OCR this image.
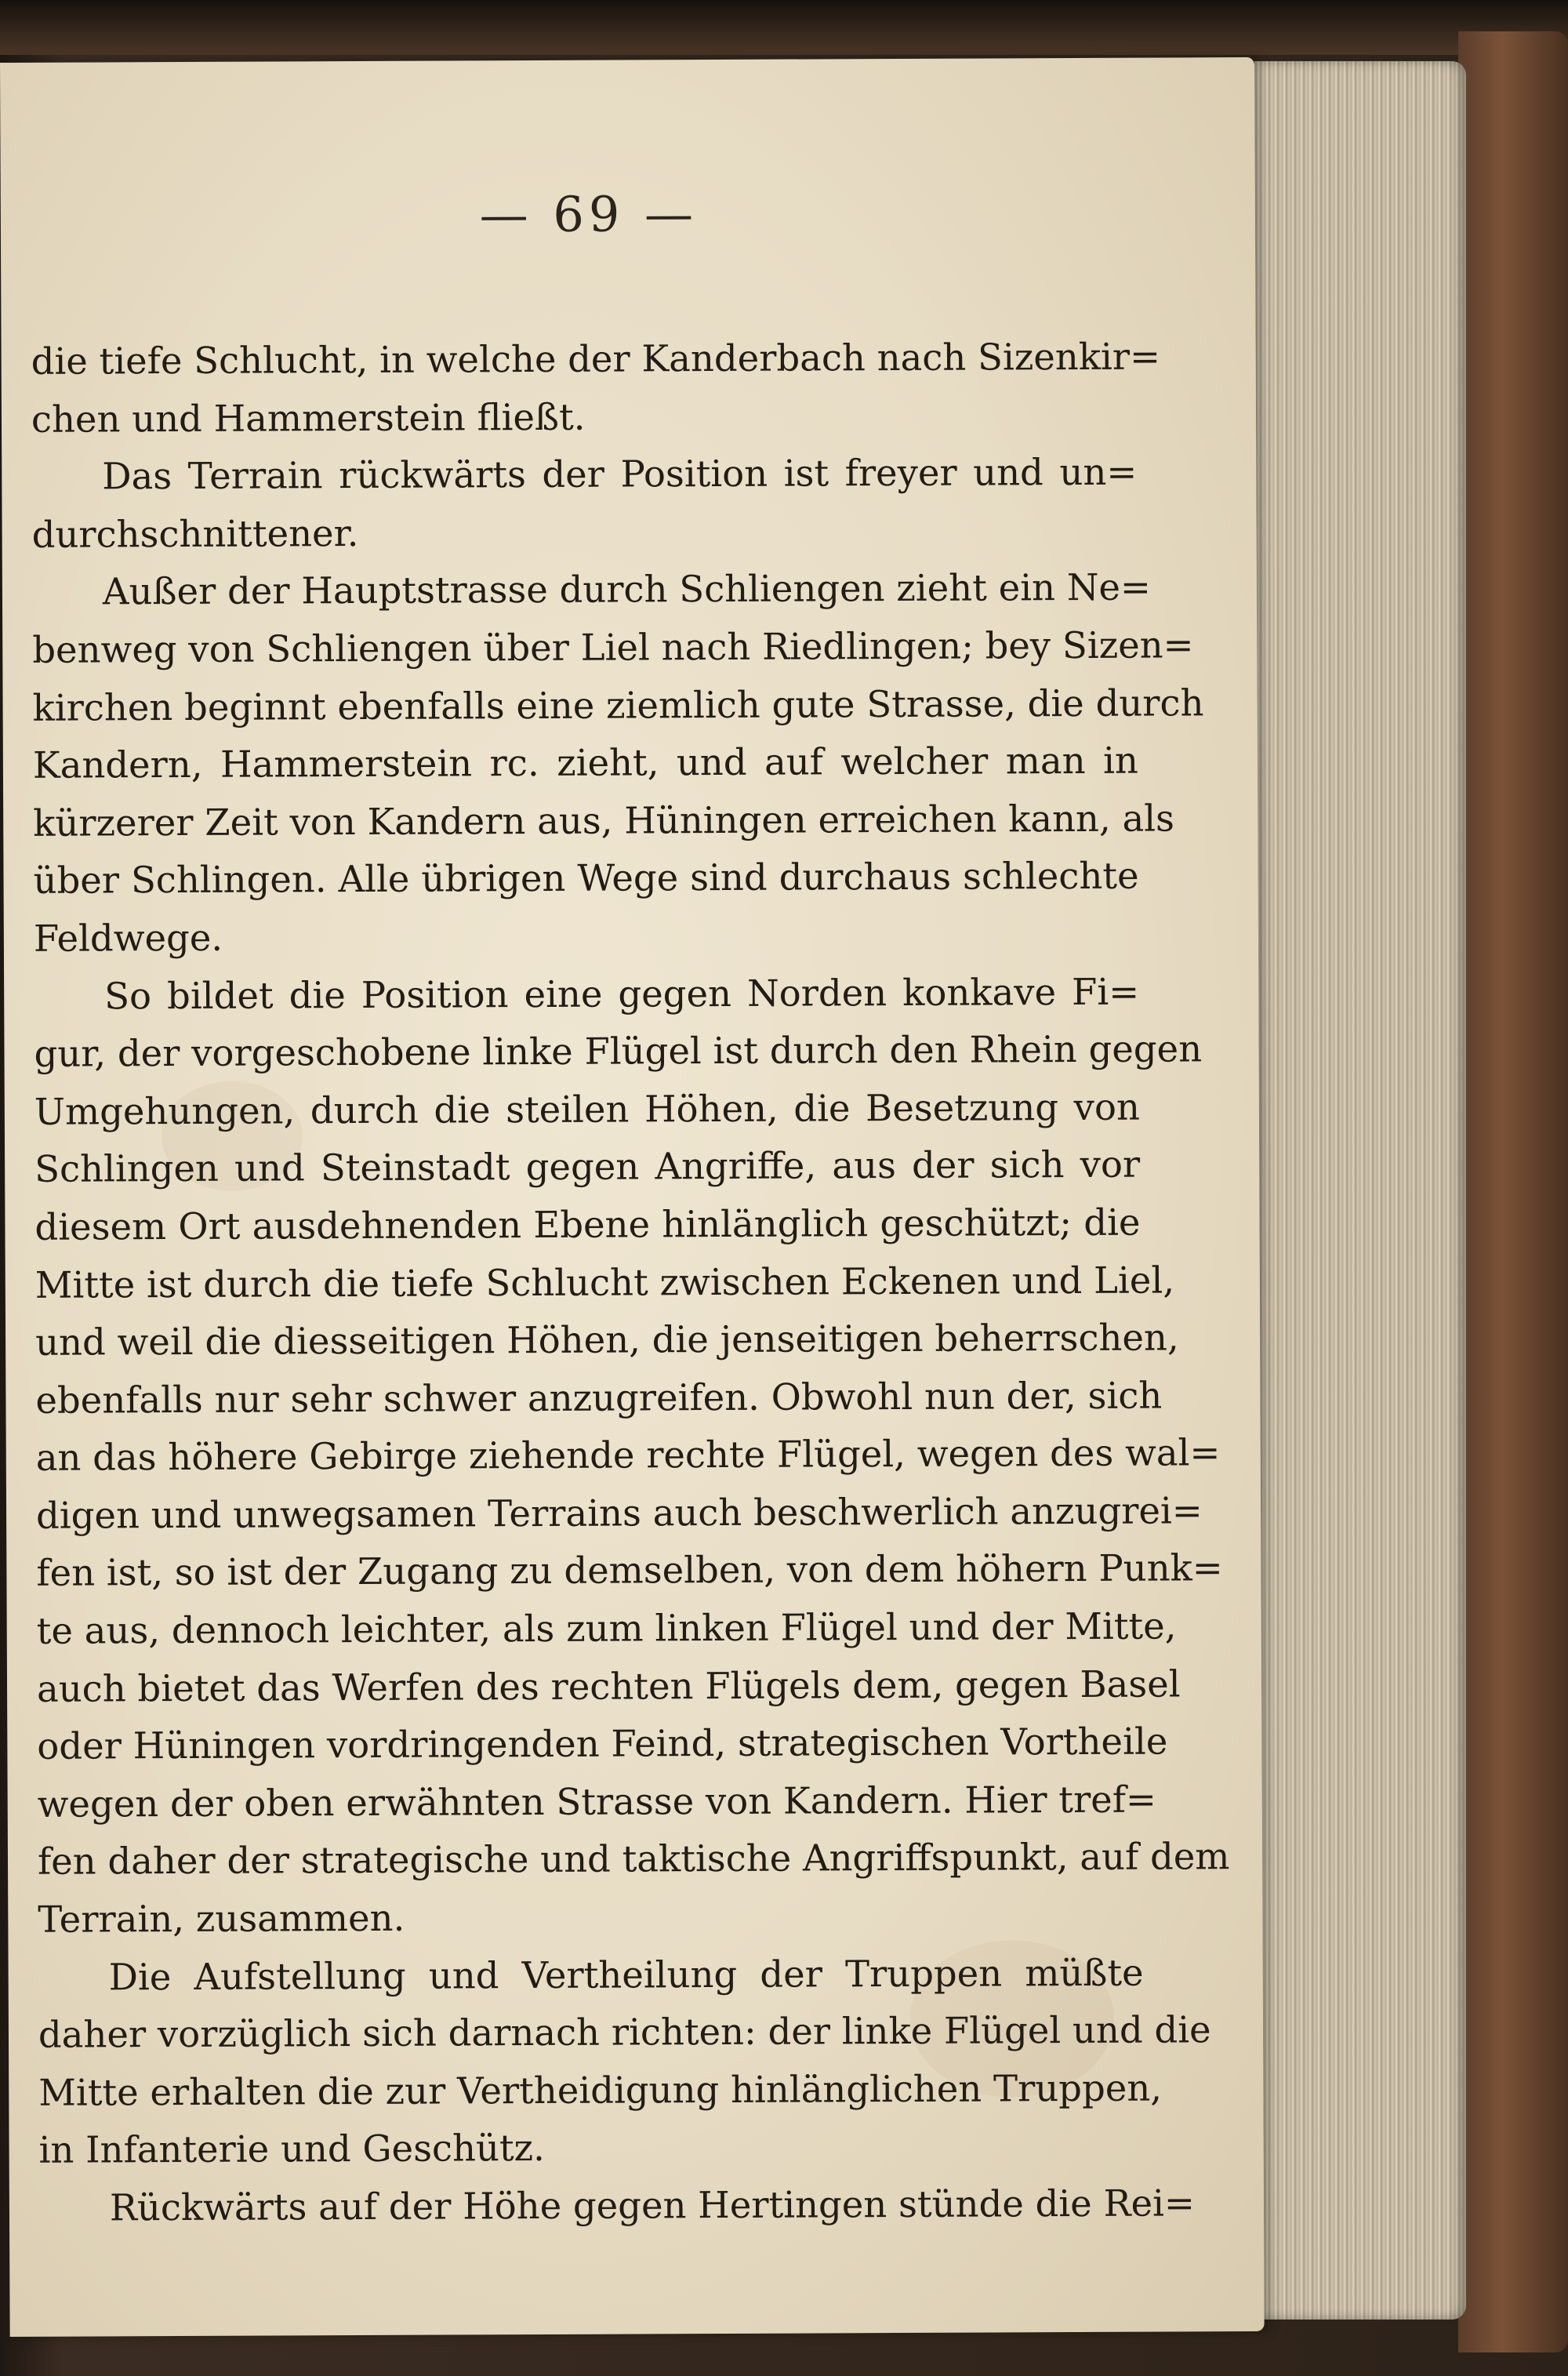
— 69 —
die tiefe Schlucht, in welche der Kanderbach nach Sizenkir=
chen und Hammerstein fließt.
Das Terrain rückwärts der Position ist freyer und un=
durchschnittener.
Außer der Hauptstrasse durch Schliengen zieht ein Ne=
benweg von Schliengen über Liel nach Riedlingen; bey Sizen=
kirchen beginnt ebenfalls eine ziemlich gute Strasse, die durch
Kandern, Hammerstein rc. zieht, und auf welcher man in
kürzerer Zeit von Kandern aus, Hüningen erreichen kann, als
über Schlingen. Alle übrigen Wege sind durchaus schlechte
Feldwege.
So bildet die Position eine gegen Norden konkave Fi=
gur, der vorgeschobene linke Flügel ist durch den Rhein gegen
Umgehungen, durch die steilen Höhen, die Besetzung von
Schlingen und Steinstadt gegen Angriffe, aus der sich vor
diesem Ort ausdehnenden Ebene hinlänglich geschützt; die
Mitte ist durch die tiefe Schlucht zwischen Eckenen und Liel,
und weil die diesseitigen Höhen, die jenseitigen beherrschen,
ebenfalls nur sehr schwer anzugreifen. Obwohl nun der, sich
an das höhere Gebirge ziehende rechte Flügel, wegen des wal=
digen und unwegsamen Terrains auch beschwerlich anzugrei=
fen ist, so ist der Zugang zu demselben, von dem höhern Punk=
te aus, dennoch leichter, als zum linken Flügel und der Mitte,
auch bietet das Werfen des rechten Flügels dem, gegen Basel
oder Hüningen vordringenden Feind, strategischen Vortheile
wegen der oben erwähnten Strasse von Kandern. Hier tref=
fen daher der strategische und taktische Angriffspunkt, auf dem
Terrain, zusammen.
Die Aufstellung und Vertheilung der Truppen müßte
daher vorzüglich sich darnach richten: der linke Flügel und die
Mitte erhalten die zur Vertheidigung hinlänglichen Truppen,
in Infanterie und Geschütz.
Rückwärts auf der Höhe gegen Hertingen stünde die Rei=
